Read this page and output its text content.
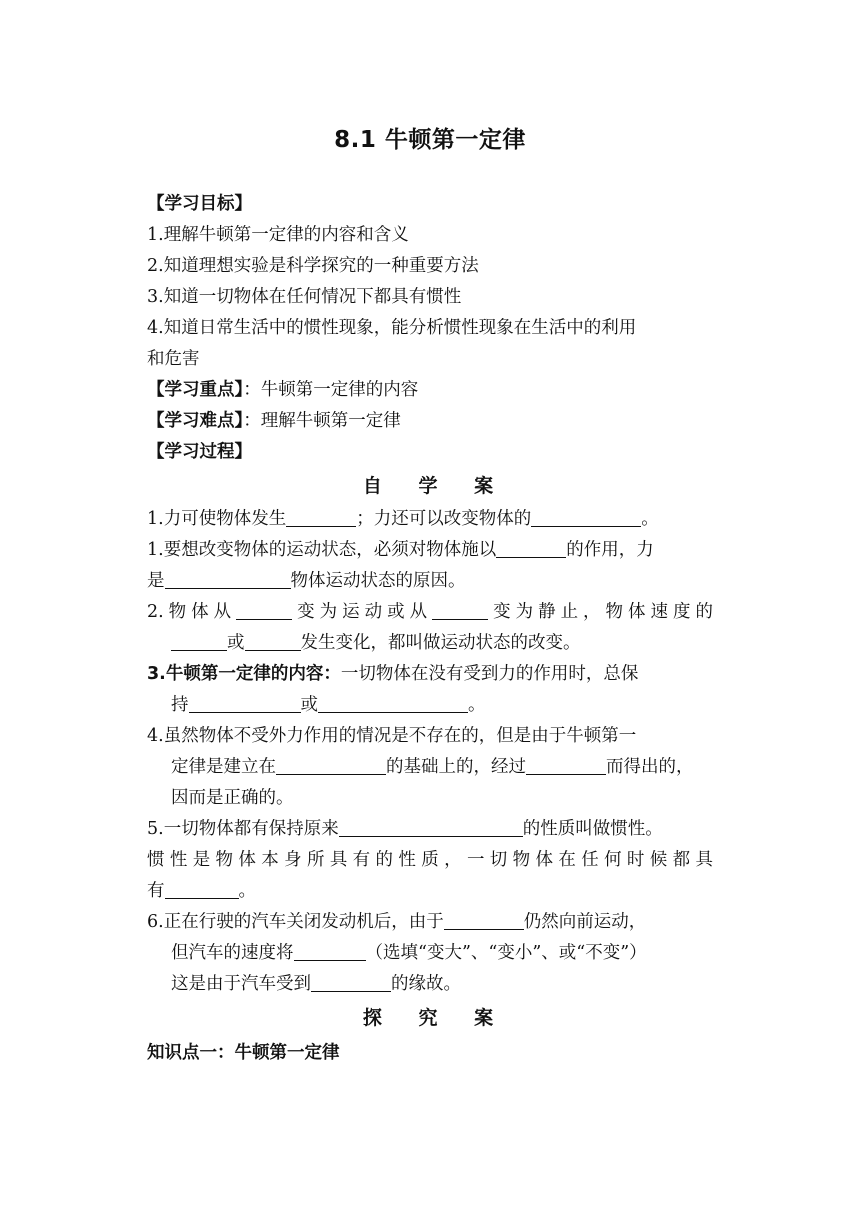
8.1 牛顿第一定律
【学习目标】
1.理解牛顿第一定律的内容和含义
2.知道理想实验是科学探究的一种重要方法
3.知道一切物体在任何情况下都具有惯性
4.知道日常生活中的惯性现象，能分析惯性现象在生活中的利用
和危害
【学习重点】：牛顿第一定律的内容
【学习难点】：理解牛顿第一定律
【学习过程】
自 学 案
1.力可使物体发生	；力还可以改变物体的	。
1.要想改变物体的运动状态，必须对物体施以	的作用，力
是	物体运动状态的原因。
2.物体从	变为运动或从	变为静止，物体速度的
或	发生变化，都叫做运动状态的改变。
3.牛顿第一定律的内容：一切物体在没有受到力的作用时，总保
持	或	。
4.虽然物体不受外力作用的情况是不存在的，但是由于牛顿第一
定律是建立在	的基础上的，经过	而得出的，
因而是正确的。
5.一切物体都有保持原来	的性质叫做惯性。
惯性是物体本身所具有的性质，一切物体在任何时候都具
有	。
6.正在行驶的汽车关闭发动机后，由于	仍然向前运动，
但汽车的速度将	（选填“变大”、“变小”、或“不变”）
这是由于汽车受到	的缘故。
探 究 案
知识点一：牛顿第一定律
